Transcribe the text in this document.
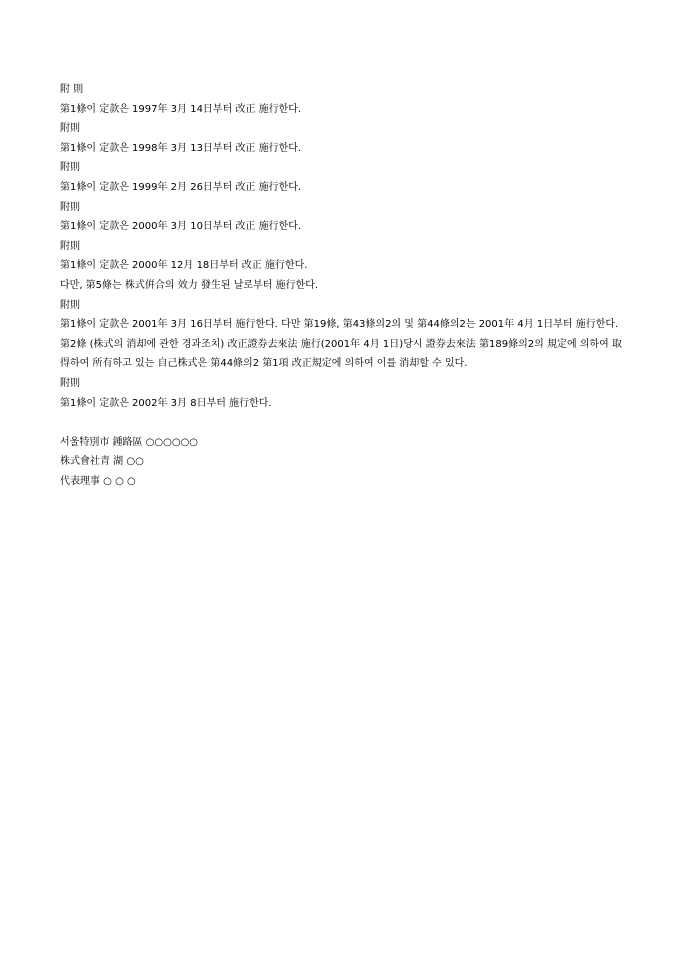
附 則
第1條이 定款은 1997年 3月 14日부터 改正 施行한다.
附則
第1條이 定款은 1998年 3月 13日부터 改正 施行한다.
附則
第1條이 定款은 1999年 2月 26日부터 改正 施行한다.
附則
第1條이 定款은 2000年 3月 10日부터 改正 施行한다.
附則
第1條이 定款은 2000年 12月 18日부터 改正 施行한다.
다만, 第5條는 株式倂合의 效力 發生된 날로부터 施行한다.
附則
第1條이 定款은 2001年 3月 16日부터 施行한다. 다만 第19條, 第43條의2의 및 第44條의2는 2001年 4月 1日부터 施行한다.
第2條 (株式의 消却에 관한 경과조치) 改正證券去來法 施行(2001年 4月 1日)당시 證券去來法 第189條의2의 規定에 의하여 取得하여 所有하고 있는 自己株式은 第44條의2 第1項 改正規定에 의하여 이를 消却할 수 있다.
附則
第1條이 定款은 2002年 3月 8日부터 施行한다.
서울特別市 鍾路區 ○○○○○○
株式會社青 湖 ○○
代表理事 ○ ○ ○
